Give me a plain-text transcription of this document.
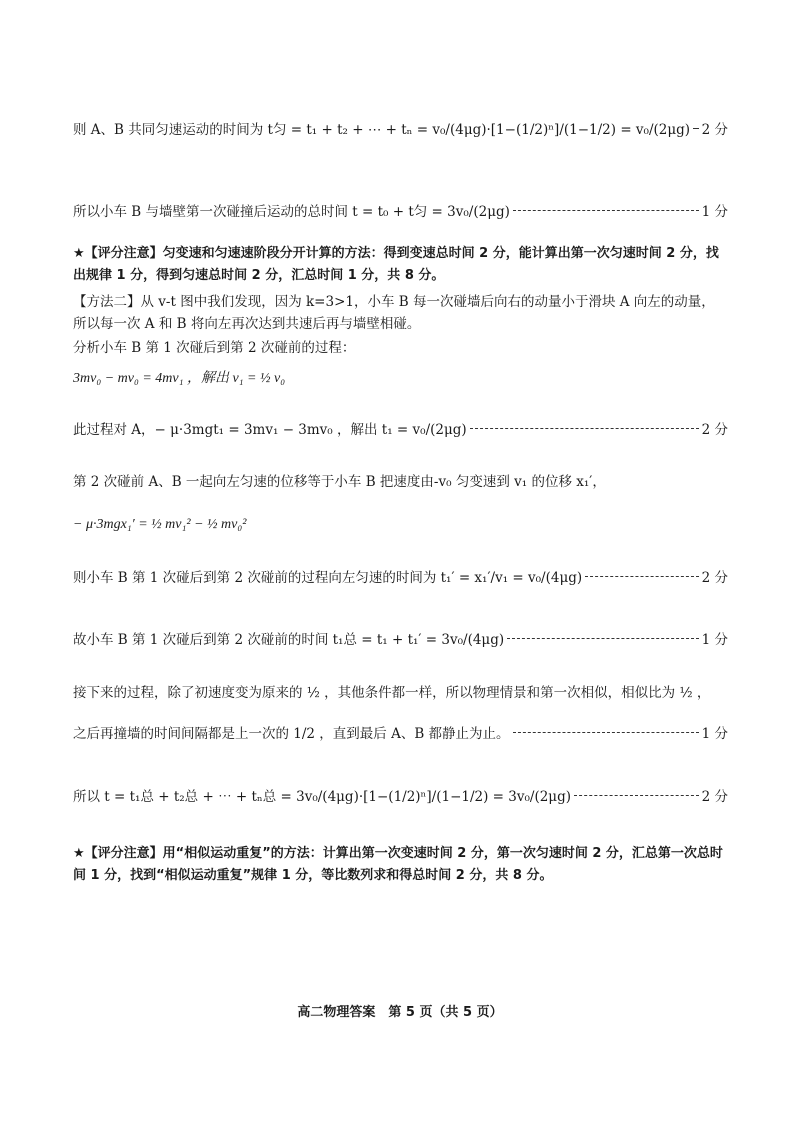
则 A、B 共同匀速运动的时间为 t匀 = t₁ + t₂ + ⋯ + tₙ = v₀/(4μg)·[1−(1/2)ⁿ]/(1−1/2) = v₀/(2μg) 2 分
所以小车 B 与墙壁第一次碰撞后运动的总时间 t = t₀ + t匀 = 3v₀/(2μg)	1 分
★【评分注意】匀变速和匀速速阶段分开计算的方法：得到变速总时间 2 分，能计算出第一次匀速时间 2 分，找出规律 1 分，得到匀速总时间 2 分，汇总时间 1 分，共 8 分。
【方法二】从 v-t 图中我们发现，因为 k=3>1，小车 B 每一次碰墙后向右的动量小于滑块 A 向左的动量，所以每一次 A 和 B 将向左再次达到共速后再与墙壁相碰。
分析小车 B 第 1 次碰后到第 2 次碰前的过程：
3mv₀ − mv₀ = 4mv₁ ，解出 v₁ = ½ v₀
此过程对 A，− μ·3mgt₁ = 3mv₁ − 3mv₀ ，解出 t₁ = v₀/(2μg)	2 分
第 2 次碰前 A、B 一起向左匀速的位移等于小车 B 把速度由-v₀ 匀变速到 v₁ 的位移 x₁′，
− μ·3mgx₁′ = ½ mv₁² − ½ mv₀²
则小车 B 第 1 次碰后到第 2 次碰前的过程向左匀速的时间为 t₁′ = x₁′/v₁ = v₀/(4μg)	2 分
故小车 B 第 1 次碰后到第 2 次碰前的时间 t₁总 = t₁ + t₁′ = 3v₀/(4μg)	1 分
接下来的过程，除了初速度变为原来的 ½ ，其他条件都一样，所以物理情景和第一次相似，相似比为 ½ ，
之后再撞墙的时间间隔都是上一次的 1/2 ，直到最后 A、B 都静止为止。	1 分
所以 t = t₁总 + t₂总 + ⋯ + tₙ总 = 3v₀/(4μg)·[1−(1/2)ⁿ]/(1−1/2) = 3v₀/(2μg)	2 分
★【评分注意】用“相似运动重复”的方法：计算出第一次变速时间 2 分，第一次匀速时间 2 分，汇总第一次总时间 1 分，找到“相似运动重复”规律 1 分，等比数列求和得总时间 2 分，共 8 分。
高二物理答案　第 5 页（共 5 页）
